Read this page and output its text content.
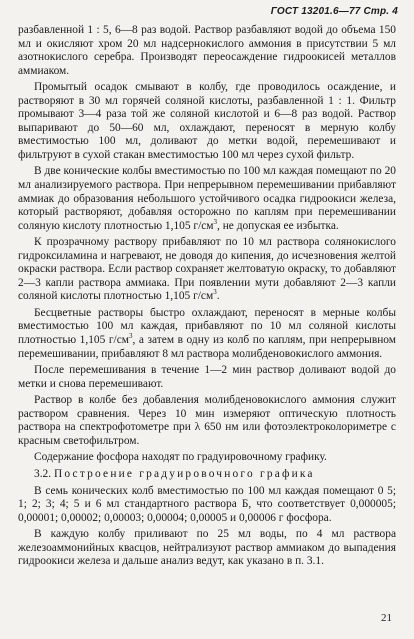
ГОСТ 13201.6—77 Стр. 4

разбавленной 1 : 5, 6—8 раз водой. Раствор разбавляют водой до объема 150 мл и окисляют хром 20 мл надсернокислого аммония в присутствии 5 мл азотнокислого серебра. Производят переосаждение гидроокисей металлов аммиаком.

Промытый осадок смывают в колбу, где проводилось осаждение, и растворяют в 30 мл горячей соляной кислоты, разбавленной 1 : 1. Фильтр промывают 3—4 раза той же соляной кислотой и 6—8 раз водой. Раствор выпаривают до 50—60 мл, охлаждают, переносят в мерную колбу вместимостью 100 мл, доливают до метки водой, перемешивают и фильтруют в сухой стакан вместимостью 100 мл через сухой фильтр.

В две конические колбы вместимостью по 100 мл каждая помещают по 20 мл анализируемого раствора. При непрерывном перемешивании прибавляют аммиак до образования небольшого устойчивого осадка гидроокиси железа, который растворяют, добавляя осторожно по каплям при перемешивании соляную кислоту плотностью 1,105 $г/см^3$, не допуская ее избытка.

К прозрачному раствору прибавляют по 10 мл раствора солянокислого гидроксиламина и нагревают, не доводя до кипения, до исчезновения желтой окраски раствора. Если раствор сохраняет желтоватую окраску, то добавляют 2—3 капли раствора аммиака. При появлении мути добавляют 2—3 капли соляной кислоты плотностью 1,105 $г/см^3$.

Бесцветные растворы быстро охлаждают, переносят в мерные колбы вместимостью 100 мл каждая, прибавляют по 10 мл соляной кислоты плотностью 1,105 $г/см^3$, а затем в одну из колб по каплям, при непрерывном перемешивании, прибавляют 8 мл раствора молибденовокислого аммония.

После перемешивания в течение 1—2 мин раствор доливают водой до метки и снова перемешивают.

Раствор в колбе без добавления молибденовокислого аммония служит раствором сравнения. Через 10 мин измеряют оптическую плотность раствора на спектрофотометре при λ 650 нм или фотоэлектроколориметре с красным светофильтром.

Содержание фосфора находят по градуировочному графику.

3.2. Построение градуировочного графика

В семь конических колб вместимостью по 100 мл каждая помещают 0 5; 1; 2; 3; 4; 5 и 6 мл стандартного раствора Б, что соответствует 0,000005; 0,00001; 0,00002; 0,00003; 0,00004; 0,00005 и 0,00006 г фосфора.

В каждую колбу приливают по 25 мл воды, по 4 мл раствора железоаммонийных квасцов, нейтрализуют раствор аммиаком до выпадения гидроокиси железа и дальше анализ ведут, как указано в п. 3.1.

21
